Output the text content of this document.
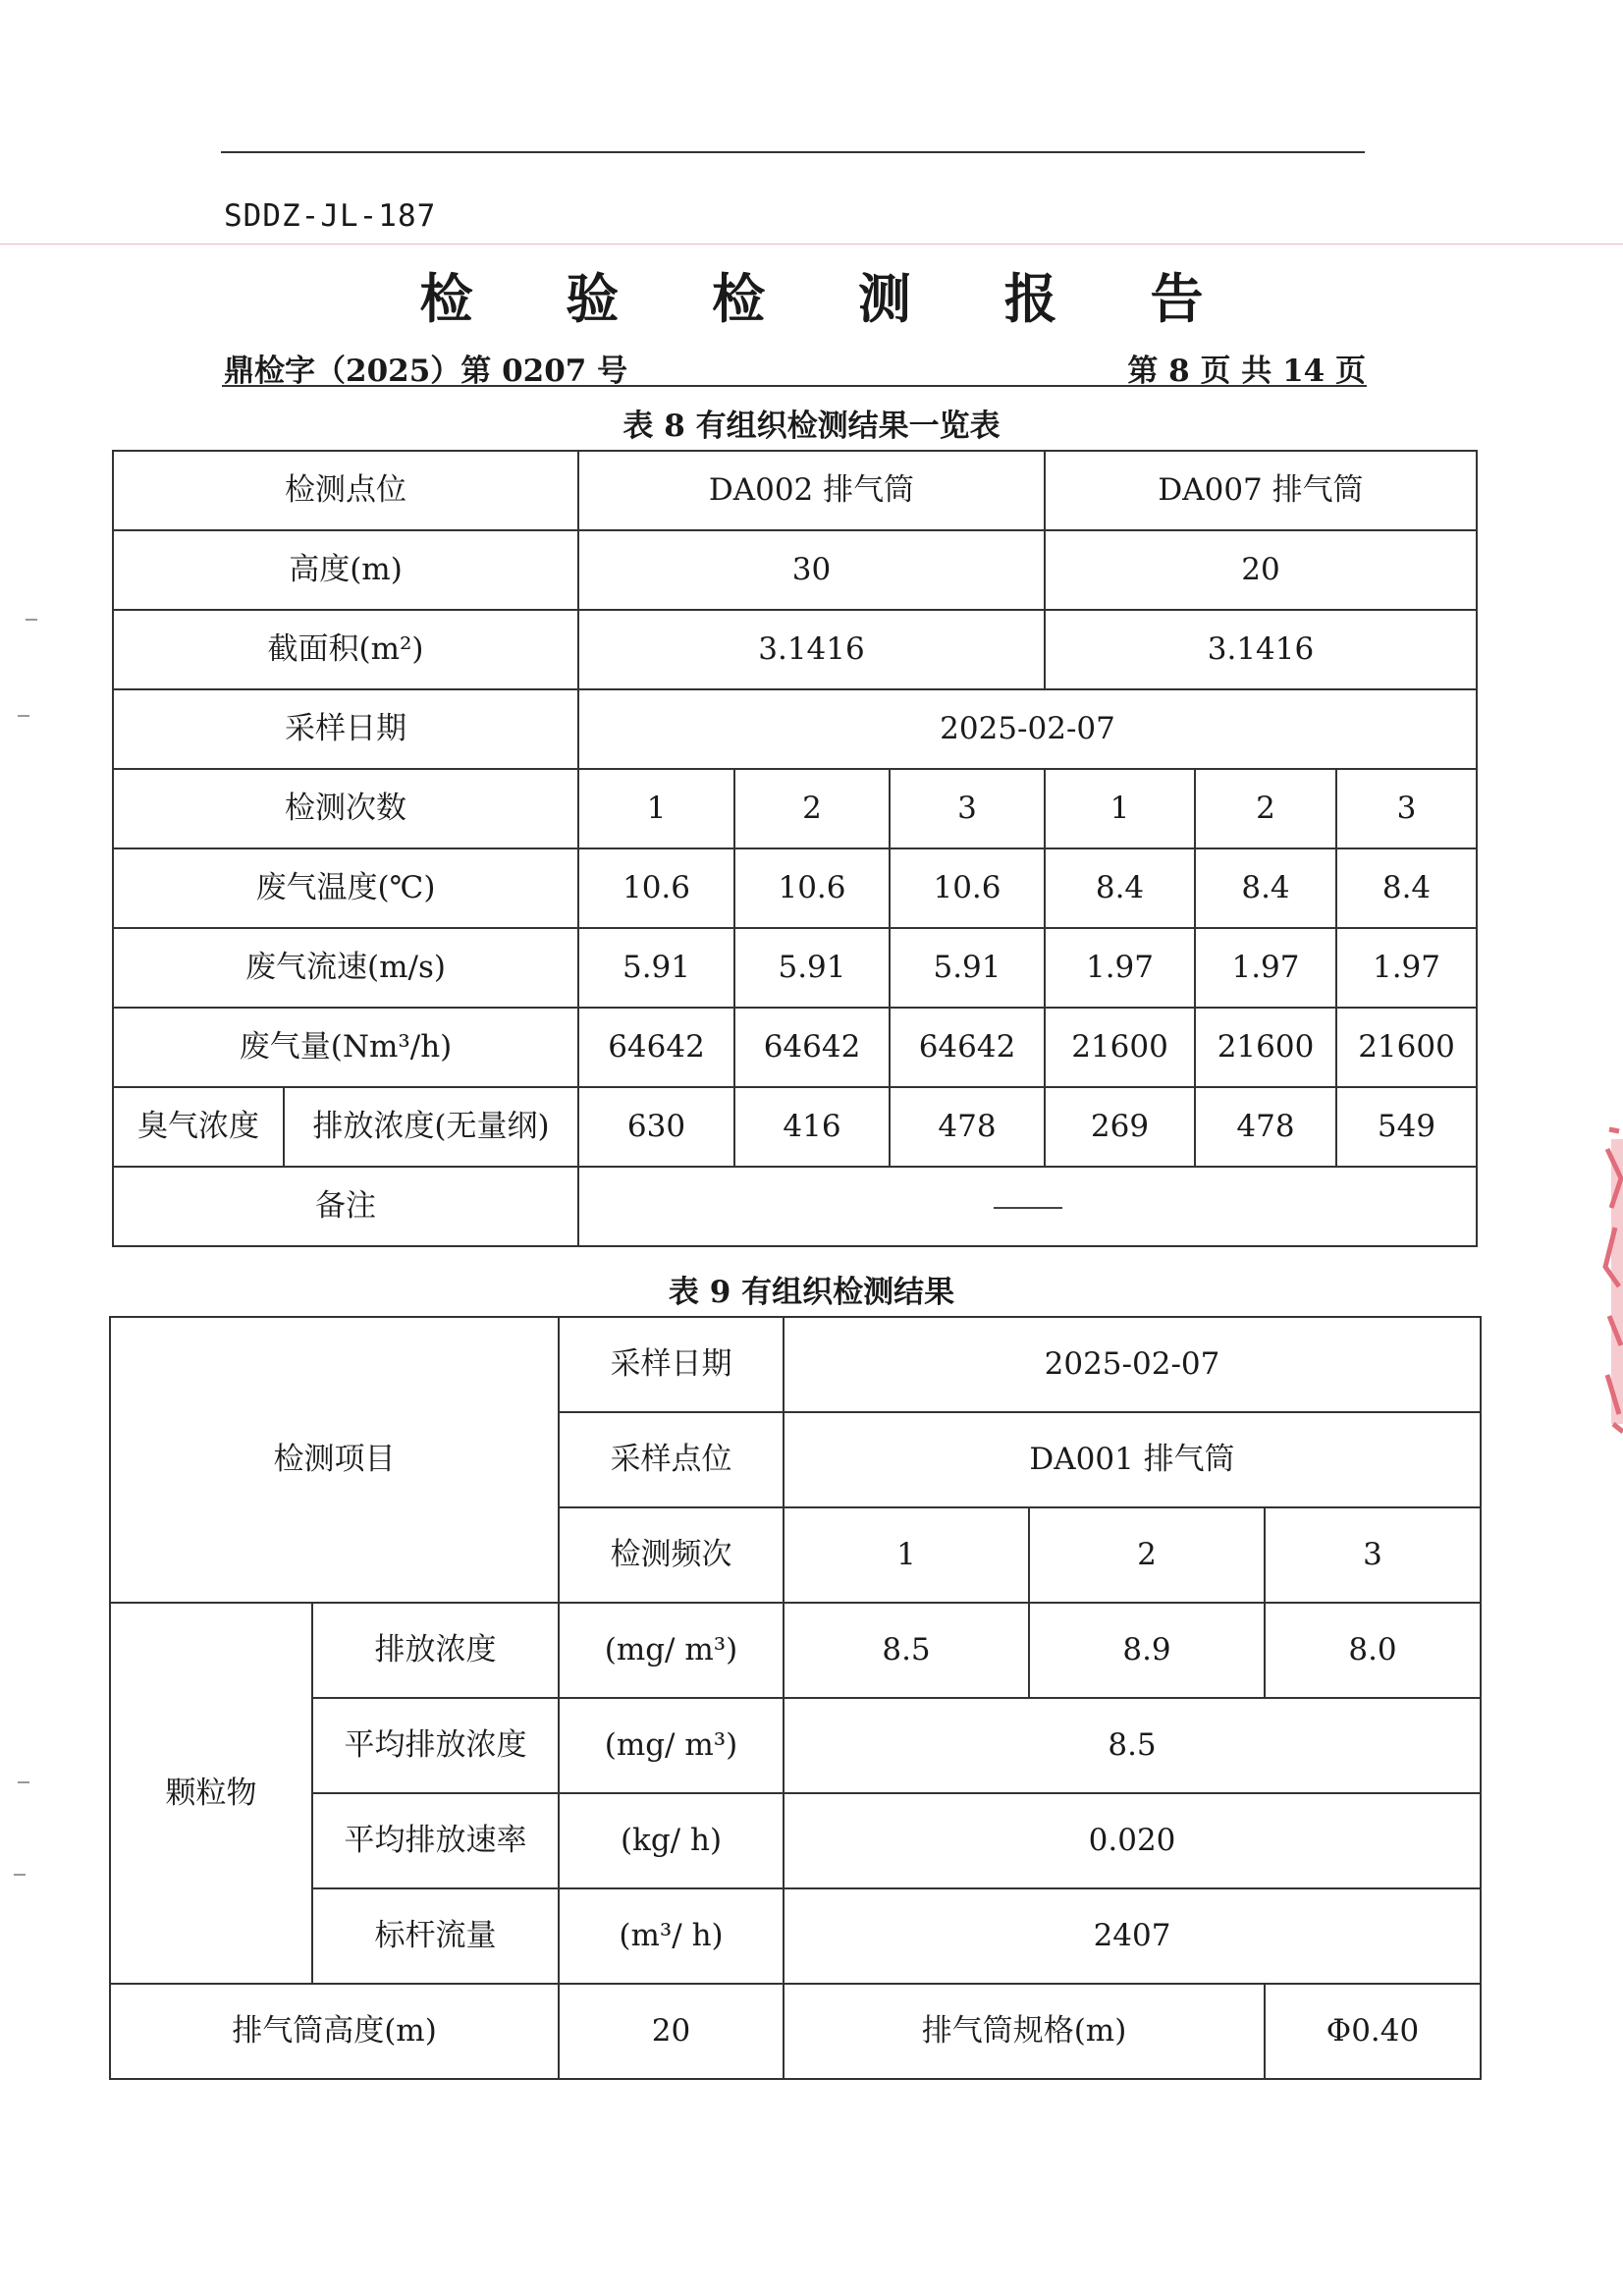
SDDZ-JL-187
检 验 检 测 报 告
鼎检字（2025）第 0207 号	第 8 页 共 14 页
表 8 有组织检测结果一览表
检测点位		DA002 排气筒			DA007 排气筒		
高度(m)		30			20		
截面积(m²)		3.1416			3.1416		
采样日期		2025-02-07					
检测次数		1	2	3	1	2	3
废气温度(℃)		10.6	10.6	10.6	8.4	8.4	8.4
废气流速(m/s)		5.91	5.91	5.91	1.97	1.97	1.97
废气量(Nm³/h)		64642	64642	64642	21600	21600	21600
臭气浓度	排放浓度(无量纲)	630	416	478	269	478	549
备注							
表 9 有组织检测结果
检测项目		采样日期	2025-02-07		
		采样点位	DA001 排气筒		
		检测频次	1	2	3
颗粒物	排放浓度	(mg/ m³)	8.5	8.9	8.0
	平均排放浓度	(mg/ m³)	8.5		
	平均排放速率	(kg/ h)	0.020		
	标杆流量	(m³/ h)	2407		
排气筒高度(m)		20	排气筒规格(m)		Φ0.40
